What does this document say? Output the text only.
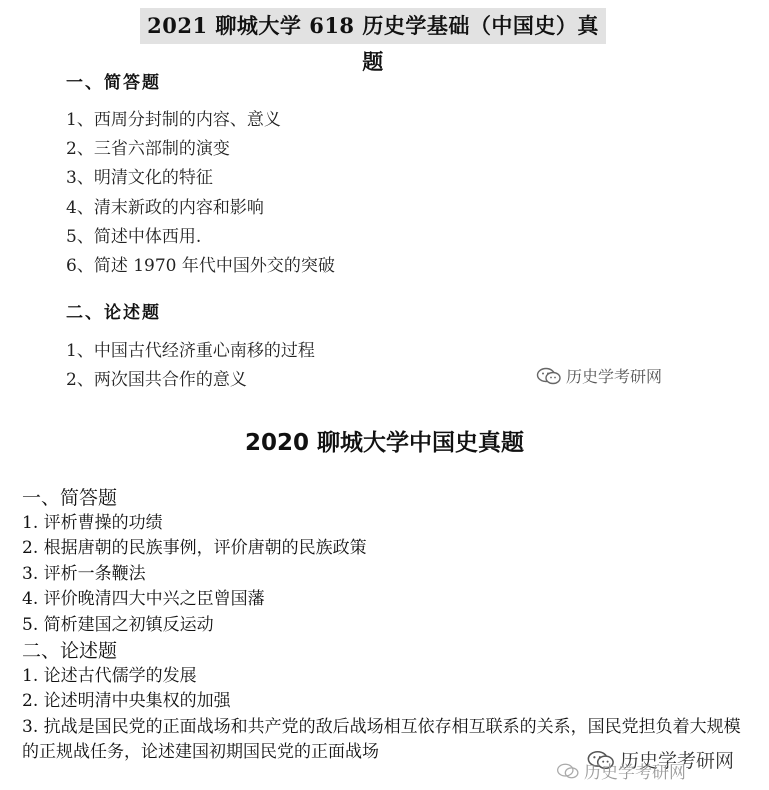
2021 聊城大学 618 历史学基础（中国史）真题
一、简答题
1、西周分封制的内容、意义
2、三省六部制的演变
3、明清文化的特征
4、清末新政的内容和影响
5、简述中体西用.
6、简述 1970 年代中国外交的突破
二、论述题
1、中国古代经济重心南移的过程
2、两次国共合作的意义	历史学考研网
2020 聊城大学中国史真题
一、简答题
1. 评析曹操的功绩
2. 根据唐朝的民族事例，评价唐朝的民族政策
3. 评析一条鞭法
4. 评价晚清四大中兴之臣曾国藩
5. 简析建国之初镇反运动
二、论述题
1. 论述古代儒学的发展
2. 论述明清中央集权的加强
3. 抗战是国民党的正面战场和共产党的敌后战场相互依存相互联系的关系，国民党担负着大规模的正规战任务，论述建国初期国民党的正面战场	历史学考研网
历史学考研网
